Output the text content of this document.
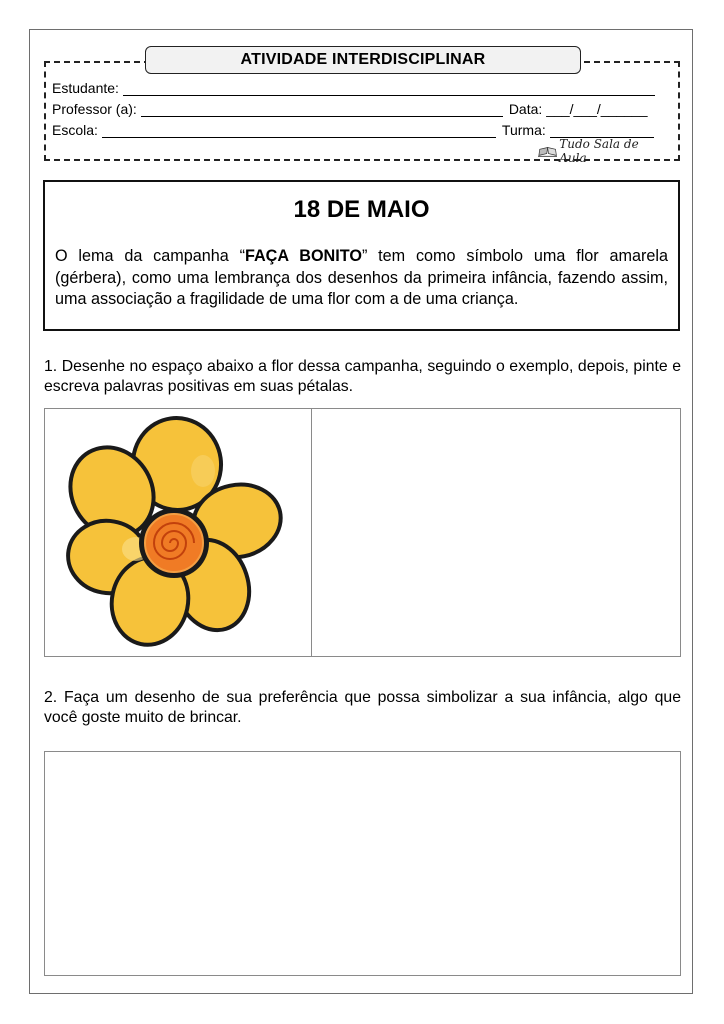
ATIVIDADE INTERDISCIPLINAR
Estudante:
Professor (a):	Data: ___/___/______
Escola:	Turma:
Tudo Sala de Aula
18 DE MAIO
O lema da campanha “FAÇA BONITO” tem como símbolo uma flor amarela (gérbera), como uma lembrança dos desenhos da primeira infância, fazendo assim, uma associação a fragilidade de uma flor com a de uma criança.
1. Desenhe no espaço abaixo a flor dessa campanha, seguindo o exemplo, depois, pinte e escreva palavras positivas em suas pétalas.
2. Faça um desenho de sua preferência que possa simbolizar a sua infância, algo que você goste muito de brincar.
